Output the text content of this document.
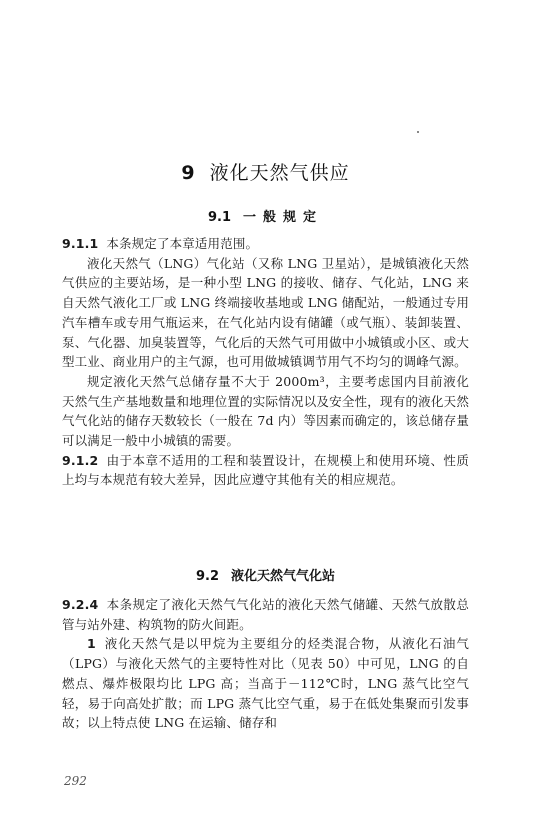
9 液化天然气供应
9.1 一般规定

9.1.1 本条规定了本章适用范围。

液化天然气（LNG）气化站（又称 LNG 卫星站），是城镇液化天然气供应的主要站场，是一种小型 LNG 的接收、储存、气化站，LNG 来自天然气液化工厂或 LNG 终端接收基地或 LNG 储配站，一般通过专用汽车槽车或专用气瓶运来，在气化站内设有储罐（或气瓶）、装卸装置、泵、气化器、加臭装置等，气化后的天然气可用做中小城镇或小区、或大型工业、商业用户的主气源，也可用做城镇调节用气不均匀的调峰气源。

规定液化天然气总储存量不大于 2000m³，主要考虑国内目前液化天然气生产基地数量和地理位置的实际情况以及安全性，现有的液化天然气气化站的储存天数较长（一般在 7d 内）等因素而确定的，该总储存量可以满足一般中小城镇的需要。

9.1.2 由于本章不适用的工程和装置设计，在规模上和使用环境、性质上均与本规范有较大差异，因此应遵守其他有关的相应规范。

9.2 液化天然气气化站

9.2.4 本条规定了液化天然气气化站的液化天然气储罐、天然气放散总管与站外建、构筑物的防火间距。

1 液化天然气是以甲烷为主要组分的烃类混合物，从液化石油气（LPG）与液化天然气的主要特性对比（见表 50）中可见，LNG 的自燃点、爆炸极限均比 LPG 高；当高于－112℃时，LNG 蒸气比空气轻，易于向高处扩散；而 LPG 蒸气比空气重，易于在低处集聚而引发事故；以上特点使 LNG 在运输、储存和

292
